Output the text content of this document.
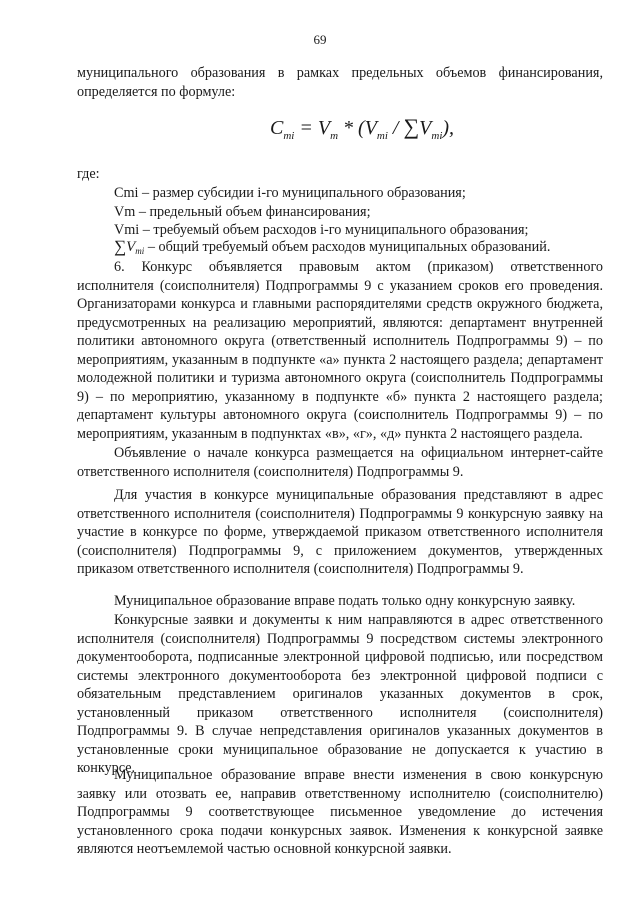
69

муниципального образования в рамках предельных объемов финансирования, определяется по формуле:

$C_{mi} = V_m * (V_{mi} / \sum V_{mi})$,

где:

Cmi – размер субсидии i-го муниципального образования;

Vm – предельный объем финансирования;

Vmi – требуемый объем расходов i-го муниципального образования;

$\sum V_{mi}$ – общий требуемый объем расходов муниципальных образований.

6. Конкурс объявляется правовым актом (приказом) ответственного исполнителя (соисполнителя) Подпрограммы 9 с указанием сроков его проведения. Организаторами конкурса и главными распорядителями средств окружного бюджета, предусмотренных на реализацию мероприятий, являются: департамент внутренней политики автономного округа (ответственный исполнитель Подпрограммы 9) – по мероприятиям, указанным в подпункте «а» пункта 2 настоящего раздела; департамент молодежной политики и туризма автономного округа (соисполнитель Подпрограммы 9) – по мероприятию, указанному в подпункте «б» пункта 2 настоящего раздела; департамент культуры автономного округа (соисполнитель Подпрограммы 9) – по мероприятиям, указанным в подпунктах «в», «г», «д» пункта 2 настоящего раздела.

Объявление о начале конкурса размещается на официальном интернет-сайте ответственного исполнителя (соисполнителя) Подпрограммы 9.

Для участия в конкурсе муниципальные образования представляют в адрес ответственного исполнителя (соисполнителя) Подпрограммы 9 конкурсную заявку на участие в конкурсе по форме, утверждаемой приказом ответственного исполнителя (соисполнителя) Подпрограммы 9, с приложением документов, утвержденных приказом ответственного исполнителя (соисполнителя) Подпрограммы 9.

Муниципальное образование вправе подать только одну конкурсную заявку.

Конкурсные заявки и документы к ним направляются в адрес ответственного исполнителя (соисполнителя) Подпрограммы 9 посредством системы электронного документооборота, подписанные электронной цифровой подписью, или посредством системы электронного документооборота без электронной цифровой подписи с обязательным представлением оригиналов указанных документов в срок, установленный приказом ответственного исполнителя (соисполнителя) Подпрограммы 9. В случае непредставления оригиналов указанных документов в установленные сроки муниципальное образование не допускается к участию в конкурсе.

Муниципальное образование вправе внести изменения в свою конкурсную заявку или отозвать ее, направив ответственному исполнителю (соисполнителю) Подпрограммы 9 соответствующее письменное уведомление до истечения установленного срока подачи конкурсных заявок. Изменения к конкурсной заявке являются неотъемлемой частью основной конкурсной заявки.
